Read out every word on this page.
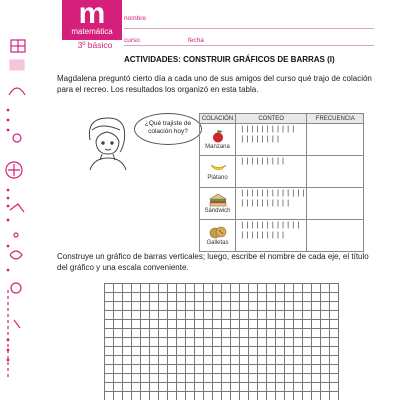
m
matemática
3º básico
nombre
curso	fecha
ACTIVIDADES: CONSTRUIR GRÁFICOS DE BARRAS (I)
Magdalena preguntó cierto día a cada uno de sus amigos del curso qué trajo de colación para el recreo. Los resultados los organizó en esta tabla.
¿Qué trajiste de colación hoy?
COLACIÓN	CONTEO	FRECUENCIA

Manzana	|||||||||||
||||||||	

Plátano	|||||||||	

Sándwich	|||||||||||||
||||||||||	

Galletas	||||||||||||
|||||||||	

Construye un gráfico de barras verticales; luego, escribe el nombre de cada eje, el título del gráfico y una escala conveniente.
